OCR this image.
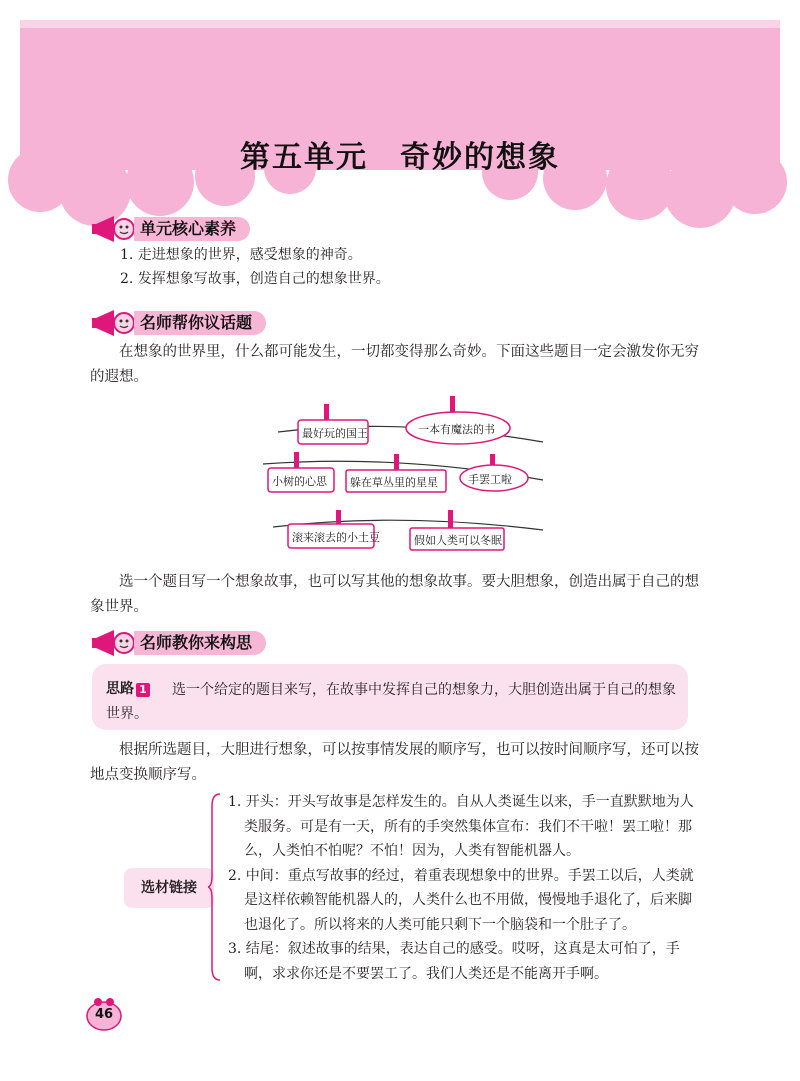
第五单元　奇妙的想象
单元核心素养
1. 走进想象的世界，感受想象的神奇。
2. 发挥想象写故事，创造自己的想象世界。
名师帮你议话题
在想象的世界里，什么都可能发生，一切都变得那么奇妙。下面这些题目一定会激发你无穷的遐想。
最好玩的国王	一本有魔法的书
小树的心思 躲在草丛里的星星	手罢工啦
滚来滚去的小土豆	假如人类可以冬眠
选一个题目写一个想象故事，也可以写其他的想象故事。要大胆想象，创造出属于自己的想象世界。
名师教你来构思
选一个给定的题目来写，在故事中发挥自己的想象力，大胆创造出属于自己的想象世界。
思路 1
根据所选题目，大胆进行想象，可以按事情发展的顺序写，也可以按时间顺序写，还可以按地点变换顺序写。
选材链接
1. 开头：开头写故事是怎样发生的。自从人类诞生以来，手一直默默地为人类服务。可是有一天，所有的手突然集体宣布：我们不干啦！罢工啦！那么，人类怕不怕呢？不怕！因为，人类有智能机器人。
2. 中间：重点写故事的经过，着重表现想象中的世界。手罢工以后，人类就是这样依赖智能机器人的，人类什么也不用做，慢慢地手退化了，后来脚也退化了。所以将来的人类可能只剩下一个脑袋和一个肚子了。
3. 结尾：叙述故事的结果，表达自己的感受。哎呀，这真是太可怕了，手啊，求求你还是不要罢工了。我们人类还是不能离开手啊。
46
